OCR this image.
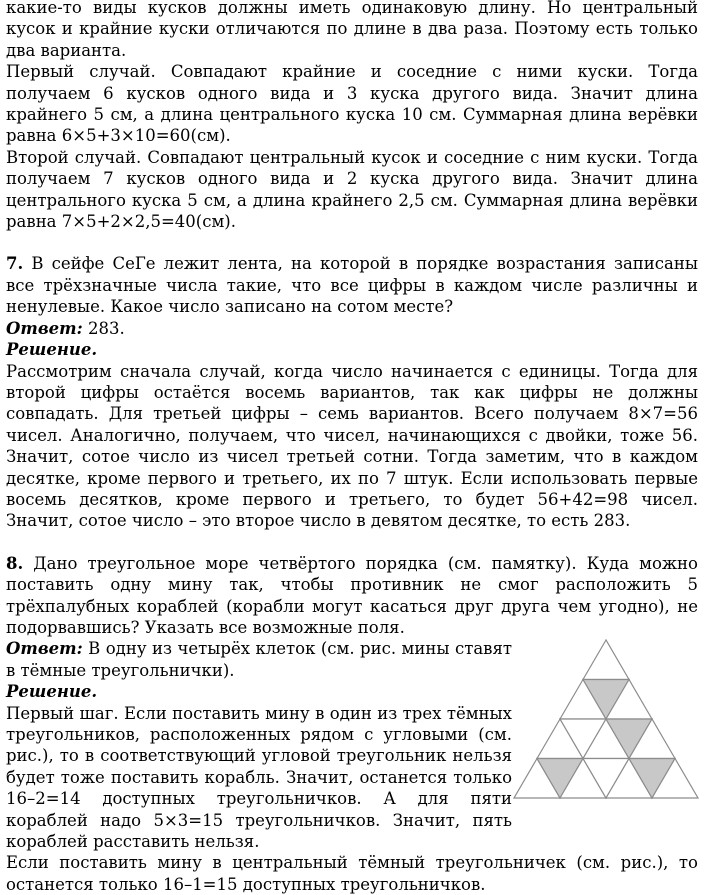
какие-то виды кусков должны иметь одинаковую длину. Но центральный кусок и крайние куски отличаются по длине в два раза. Поэтому есть только два варианта.

Первый случай. Совпадают крайние и соседние с ними куски. Тогда получаем 6 кусков одного вида и 3 куска другого вида. Значит длина крайнего 5 см, а длина центрального куска 10 см. Суммарная длина верёвки равна 6×5+3×10=60(см).

Второй случай. Совпадают центральный кусок и соседние с ним куски. Тогда получаем 7 кусков одного вида и 2 куска другого вида. Значит длина центрального куска 5 см, а длина крайнего 2,5 см. Суммарная длина верёвки равна 7×5+2×2,5=40(см).

7. В сейфе СеГе лежит лента, на которой в порядке возрастания записаны все трёхзначные числа такие, что все цифры в каждом числе различны и ненулевые. Какое число записано на сотом месте?

Ответ: 283.

Решение.

Рассмотрим сначала случай, когда число начинается с единицы. Тогда для второй цифры остаётся восемь вариантов, так как цифры не должны совпадать. Для третьей цифры – семь вариантов. Всего получаем 8×7=56 чисел. Аналогично, получаем, что чисел, начинающихся с двойки, тоже 56. Значит, сотое число из чисел третьей сотни. Тогда заметим, что в каждом десятке, кроме первого и третьего, их по 7 штук. Если использовать первые восемь десятков, кроме первого и третьего, то будет 56+42=98 чисел. Значит, сотое число – это второе число в девятом десятке, то есть 283.

8. Дано треугольное море четвёртого порядка (см. памятку). Куда можно поставить одну мину так, чтобы противник не смог расположить 5 трёхпалубных кораблей (корабли могут касаться друг друга чем угодно), не подорвавшись? Указать все возможные поля.

Ответ: В одну из четырёх клеток (см. рис. мины ставят в тёмные треугольнички).

Решение.

Первый шаг. Если поставить мину в один из трех тёмных треугольников, расположенных рядом с угловыми (см. рис.), то в соответствующий угловой треугольник нельзя будет тоже поставить корабль. Значит, останется только 16–2=14 доступных треугольничков. А для пяти кораблей надо 5×3=15 треугольничков. Значит, пять кораблей расставить нельзя.

Если поставить мину в центральный тёмный треугольничек (см. рис.), то останется только 16–1=15 доступных треугольничков.
